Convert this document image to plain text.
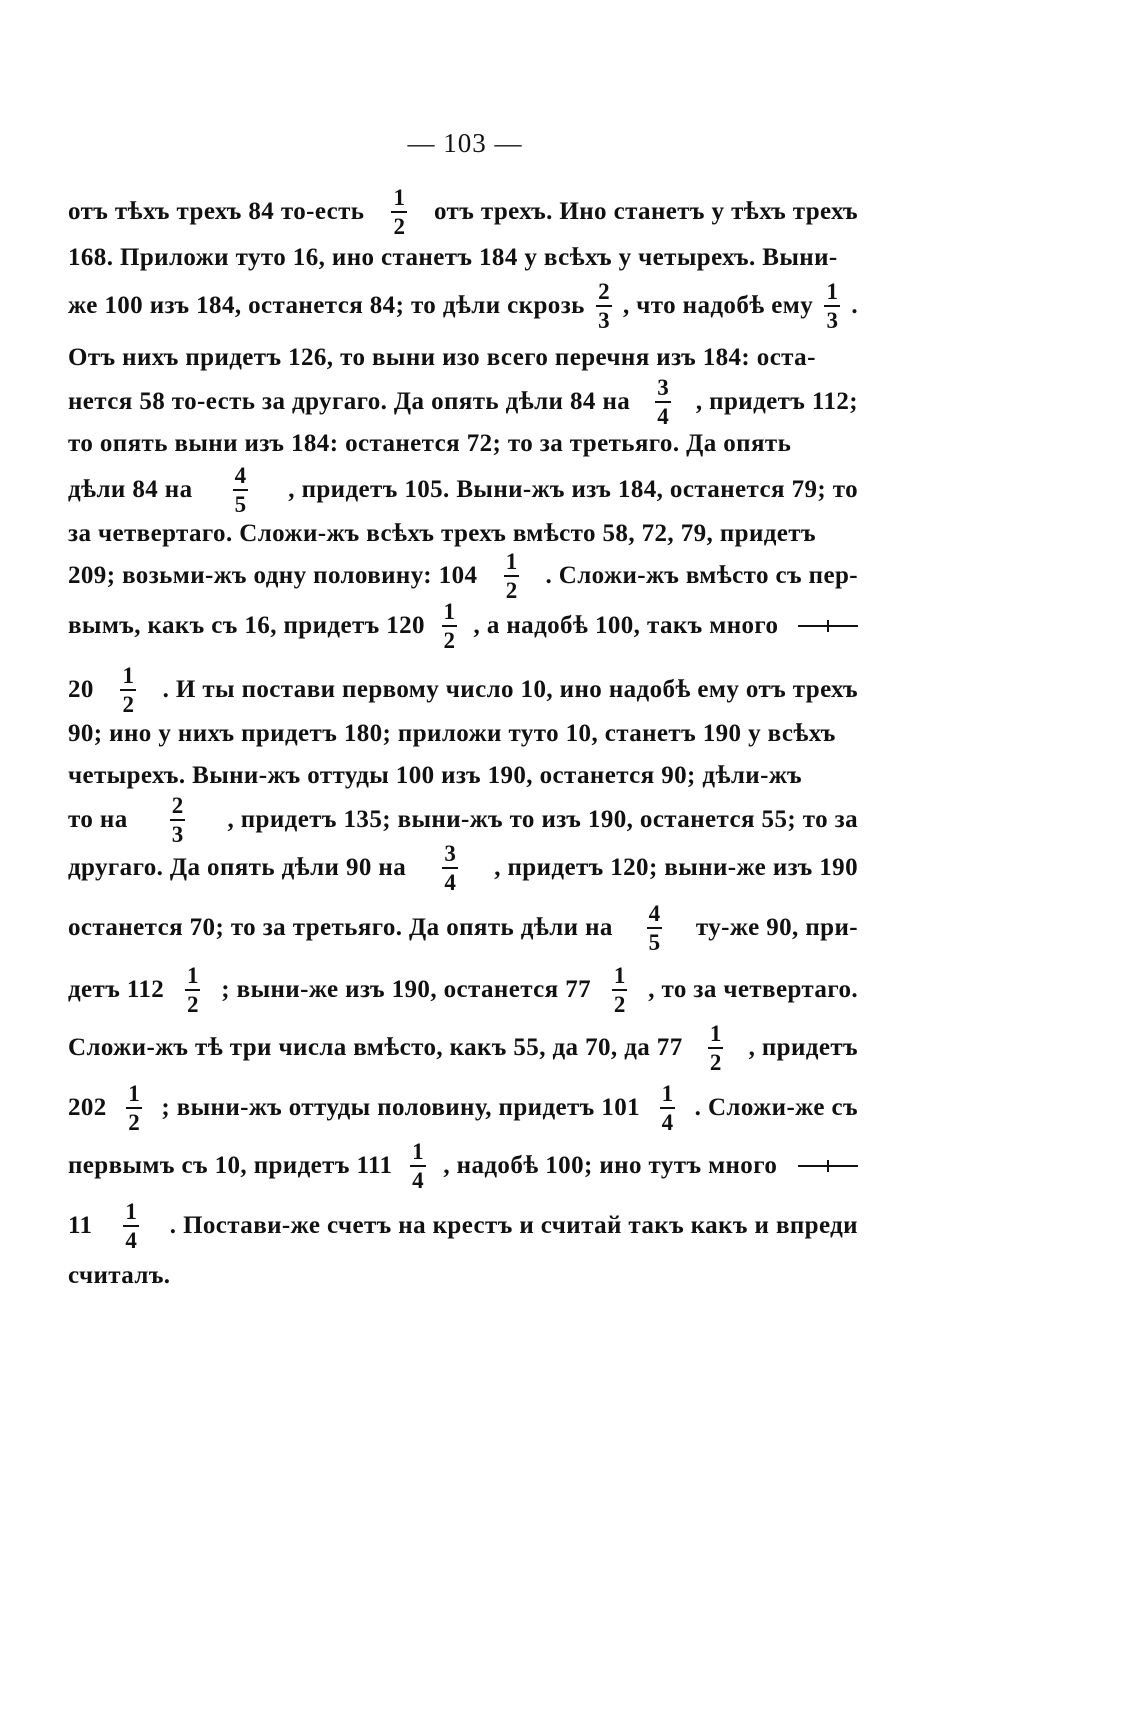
— 103 —
отъ тѣхъ трехъ 84 то-есть $\frac{1}{2}$ отъ трехъ. Ино станетъ у тѣхъ трехъ
168. Приложи туто 16, ино станетъ 184 у всѣхъ у четырехъ. Выни-
же 100 изъ 184, останется 84; то дѣли скрозь $\frac{2}{3}$ , что надобѣ ему $\frac{1}{3}$ .
Отъ нихъ придетъ 126, то выни изо всего перечня изъ 184: оста-
нется 58 то-есть за другаго. Да опять дѣли 84 на $\frac{3}{4}$ , придетъ 112;
то опять выни изъ 184: останется 72; то за третьяго. Да опять
дѣли 84 на $\frac{4}{5}$ , придетъ 105. Выни-жъ изъ 184, останется 79; то
за четвертаго. Сложи-жъ всѣхъ трехъ вмѣсто 58, 72, 79, придетъ
209; возьми-жъ одну половину: $104 \frac{1}{2}$ . Сложи-жъ вмѣсто съ пер-
вымъ, какъ съ 16, придетъ $120 \frac{1}{2}$ , а надобѣ 100, такъ много
$20 \frac{1}{2}$ . И ты постави первому число 10, ино надобѣ ему отъ трехъ
90; ино у нихъ придетъ 180; приложи туто 10, станетъ 190 у всѣхъ
четырехъ. Выни-жъ оттуды 100 изъ 190, останется 90; дѣли-жъ
то на $\frac{2}{3}$ , придетъ 135; выни-жъ то изъ 190, останется 55; то за
другаго. Да опять дѣли 90 на $\frac{3}{4}$ , придетъ 120; выни-же изъ 190
останется 70; то за третьяго. Да опять дѣли на $\frac{4}{5} ту-же$ 90, при-
детъ $112 \frac{1}{2}$ ; выни-же изъ 190, останется $77 \frac{1}{2}$ , то за четвертаго.
Сложи-жъ тѣ три числа вмѣсто, какъ 55, да 70, да $77 \frac{1}{2}$ , придетъ
$202 \frac{1}{2}$ ; выни-жъ оттуды половину, придетъ $101 \frac{1}{4}$ . Сложи-же съ
первымъ съ 10, придетъ $111 \frac{1}{4}$ , надобѣ 100; ино тутъ много
$11 \frac{1}{4}$ . Постави-же счетъ на крестъ и считай такъ какъ и впреди
считалъ.
